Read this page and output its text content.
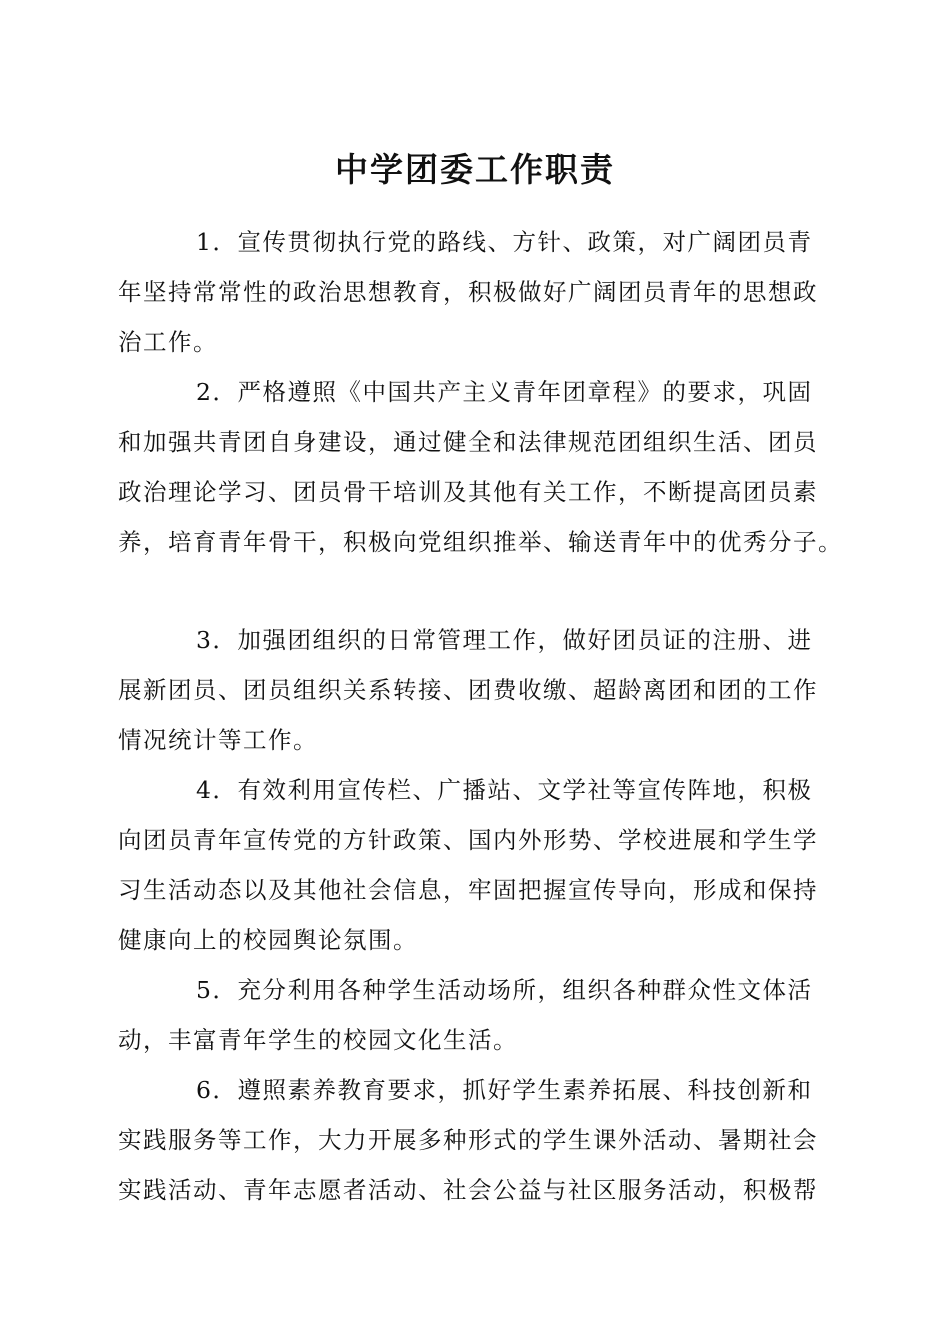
中学团委工作职责
1．宣传贯彻执行党的路线、方针、政策，对广阔团员青
年坚持常常性的政治思想教育，积极做好广阔团员青年的思想政
治工作。
2．严格遵照《中国共产主义青年团章程》的要求，巩固
和加强共青团自身建设，通过健全和法律规范团组织生活、团员
政治理论学习、团员骨干培训及其他有关工作，不断提高团员素
养，培育青年骨干，积极向党组织推举、输送青年中的优秀分子。
3．加强团组织的日常管理工作，做好团员证的注册、进
展新团员、团员组织关系转接、团费收缴、超龄离团和团的工作
情况统计等工作。
4．有效利用宣传栏、广播站、文学社等宣传阵地，积极
向团员青年宣传党的方针政策、国内外形势、学校进展和学生学
习生活动态以及其他社会信息，牢固把握宣传导向，形成和保持
健康向上的校园舆论氛围。
5．充分利用各种学生活动场所，组织各种群众性文体活
动，丰富青年学生的校园文化生活。
6．遵照素养教育要求，抓好学生素养拓展、科技创新和
实践服务等工作，大力开展多种形式的学生课外活动、暑期社会
实践活动、青年志愿者活动、社会公益与社区服务活动，积极帮
